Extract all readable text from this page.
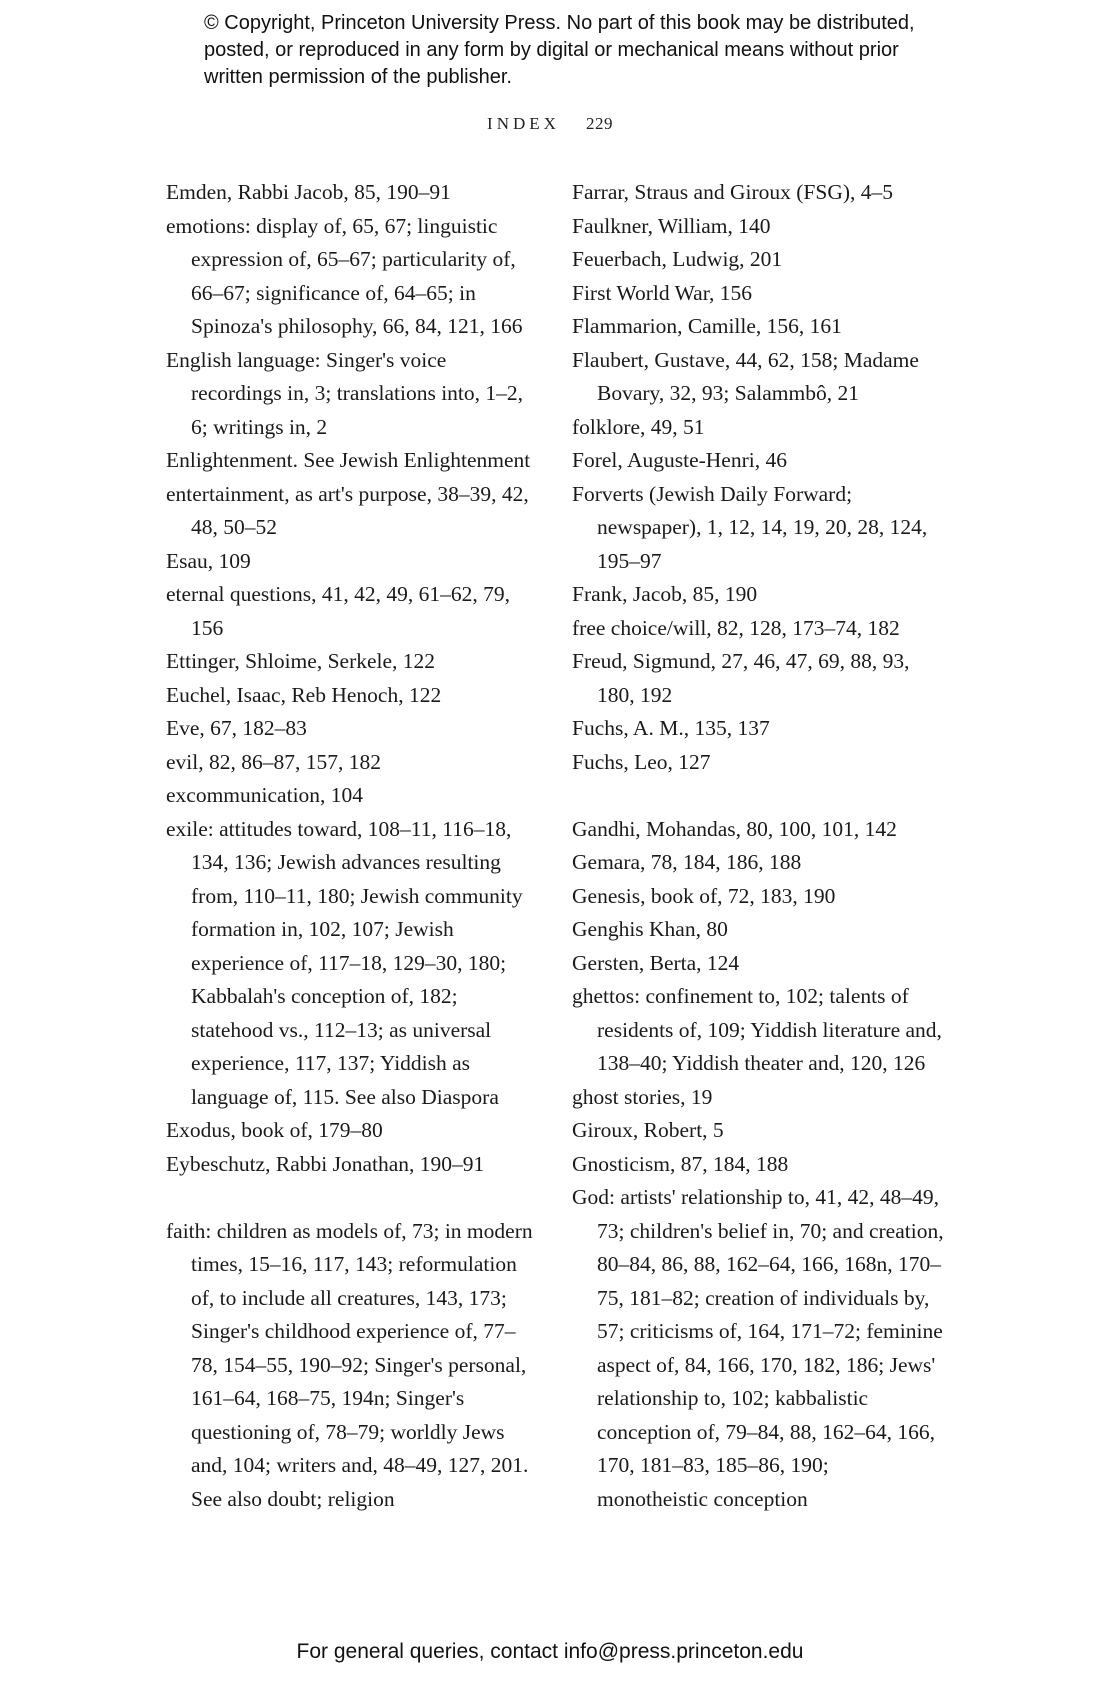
© Copyright, Princeton University Press. No part of this book may be distributed, posted, or reproduced in any form by digital or mechanical means without prior written permission of the publisher.
INDEX 229
Emden, Rabbi Jacob, 85, 190–91
emotions: display of, 65, 67; linguistic expression of, 65–67; particularity of, 66–67; significance of, 64–65; in Spinoza's philosophy, 66, 84, 121, 166
English language: Singer's voice recordings in, 3; translations into, 1–2, 6; writings in, 2
Enlightenment. See Jewish Enlightenment
entertainment, as art's purpose, 38–39, 42, 48, 50–52
Esau, 109
eternal questions, 41, 42, 49, 61–62, 79, 156
Ettinger, Shloime, Serkele, 122
Euchel, Isaac, Reb Henoch, 122
Eve, 67, 182–83
evil, 82, 86–87, 157, 182
excommunication, 104
exile: attitudes toward, 108–11, 116–18, 134, 136; Jewish advances resulting from, 110–11, 180; Jewish community formation in, 102, 107; Jewish experience of, 117–18, 129–30, 180; Kabbalah's conception of, 182; statehood vs., 112–13; as universal experience, 117, 137; Yiddish as language of, 115. See also Diaspora
Exodus, book of, 179–80
Eybeschutz, Rabbi Jonathan, 190–91
faith: children as models of, 73; in modern times, 15–16, 117, 143; reformulation of, to include all creatures, 143, 173; Singer's childhood experience of, 77–78, 154–55, 190–92; Singer's personal, 161–64, 168–75, 194n; Singer's questioning of, 78–79; worldly Jews and, 104; writers and, 48–49, 127, 201. See also doubt; religion
Farrar, Straus and Giroux (FSG), 4–5
Faulkner, William, 140
Feuerbach, Ludwig, 201
First World War, 156
Flammarion, Camille, 156, 161
Flaubert, Gustave, 44, 62, 158; Madame Bovary, 32, 93; Salammbô, 21
folklore, 49, 51
Forel, Auguste-Henri, 46
Forverts (Jewish Daily Forward; newspaper), 1, 12, 14, 19, 20, 28, 124, 195–97
Frank, Jacob, 85, 190
free choice/will, 82, 128, 173–74, 182
Freud, Sigmund, 27, 46, 47, 69, 88, 93, 180, 192
Fuchs, A. M., 135, 137
Fuchs, Leo, 127
Gandhi, Mohandas, 80, 100, 101, 142
Gemara, 78, 184, 186, 188
Genesis, book of, 72, 183, 190
Genghis Khan, 80
Gersten, Berta, 124
ghettos: confinement to, 102; talents of residents of, 109; Yiddish literature and, 138–40; Yiddish theater and, 120, 126
ghost stories, 19
Giroux, Robert, 5
Gnosticism, 87, 184, 188
God: artists' relationship to, 41, 42, 48–49, 73; children's belief in, 70; and creation, 80–84, 86, 88, 162–64, 166, 168n, 170–75, 181–82; creation of individuals by, 57; criticisms of, 164, 171–72; feminine aspect of, 84, 166, 170, 182, 186; Jews' relationship to, 102; kabbalistic conception of, 79–84, 88, 162–64, 166, 170, 181–83, 185–86, 190; monotheistic conception
For general queries, contact info@press.princeton.edu
